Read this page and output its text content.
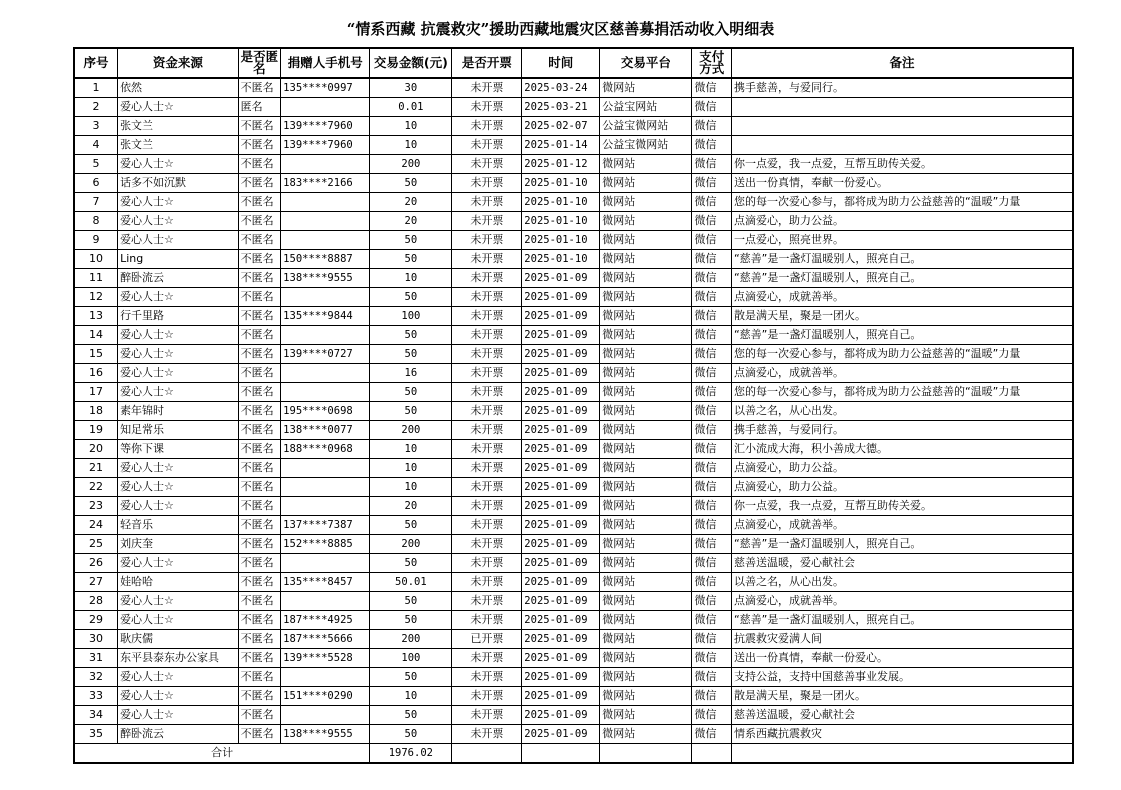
“情系西藏 抗震救灾”援助西藏地震灾区慈善募捐活动收入明细表
序号	资金来源	是否匿名	捐赠人手机号	交易金额(元)	是否开票	时间	交易平台	支付方式	备注
1	依然	不匿名	135****0997	30	未开票	2025-03-24	微网站	微信	携手慈善，与爱同行。
2	爱心人士☆	匿名		0.01	未开票	2025-03-21	公益宝网站	微信	
3	张文兰	不匿名	139****7960	10	未开票	2025-02-07	公益宝微网站	微信	
4	张文兰	不匿名	139****7960	10	未开票	2025-01-14	公益宝微网站	微信	
5	爱心人士☆	不匿名		200	未开票	2025-01-12	微网站	微信	你一点爱，我一点爱，互帮互助传关爱。
6	话多不如沉默	不匿名	183****2166	50	未开票	2025-01-10	微网站	微信	送出一份真情，奉献一份爱心。
7	爱心人士☆	不匿名		20	未开票	2025-01-10	微网站	微信	您的每一次爱心参与，都将成为助力公益慈善的“温暖”力量
8	爱心人士☆	不匿名		20	未开票	2025-01-10	微网站	微信	点滴爱心，助力公益。
9	爱心人士☆	不匿名		50	未开票	2025-01-10	微网站	微信	一点爱心，照亮世界。
10	Ling	不匿名	150****8887	50	未开票	2025-01-10	微网站	微信	“慈善”是一盏灯温暖别人，照亮自己。
11	醉卧流云	不匿名	138****9555	10	未开票	2025-01-09	微网站	微信	“慈善”是一盏灯温暖别人，照亮自己。
12	爱心人士☆	不匿名		50	未开票	2025-01-09	微网站	微信	点滴爱心，成就善举。
13	行千里路	不匿名	135****9844	100	未开票	2025-01-09	微网站	微信	散是满天星，聚是一团火。
14	爱心人士☆	不匿名		50	未开票	2025-01-09	微网站	微信	“慈善”是一盏灯温暖别人，照亮自己。
15	爱心人士☆	不匿名	139****0727	50	未开票	2025-01-09	微网站	微信	您的每一次爱心参与，都将成为助力公益慈善的“温暖”力量
16	爱心人士☆	不匿名		16	未开票	2025-01-09	微网站	微信	点滴爱心，成就善举。
17	爱心人士☆	不匿名		50	未开票	2025-01-09	微网站	微信	您的每一次爱心参与，都将成为助力公益慈善的“温暖”力量
18	素年锦时	不匿名	195****0698	50	未开票	2025-01-09	微网站	微信	以善之名，从心出发。
19	知足常乐	不匿名	138****0077	200	未开票	2025-01-09	微网站	微信	携手慈善，与爱同行。
20	等你下课	不匿名	188****0968	10	未开票	2025-01-09	微网站	微信	汇小流成大海，积小善成大德。
21	爱心人士☆	不匿名		10	未开票	2025-01-09	微网站	微信	点滴爱心，助力公益。
22	爱心人士☆	不匿名		10	未开票	2025-01-09	微网站	微信	点滴爱心，助力公益。
23	爱心人士☆	不匿名		20	未开票	2025-01-09	微网站	微信	你一点爱，我一点爱，互帮互助传关爱。
24	轻音乐	不匿名	137****7387	50	未开票	2025-01-09	微网站	微信	点滴爱心，成就善举。
25	刘庆奎	不匿名	152****8885	200	未开票	2025-01-09	微网站	微信	“慈善”是一盏灯温暖别人，照亮自己。
26	爱心人士☆	不匿名		50	未开票	2025-01-09	微网站	微信	慈善送温暖，爱心献社会
27	娃哈哈	不匿名	135****8457	50.01	未开票	2025-01-09	微网站	微信	以善之名，从心出发。
28	爱心人士☆	不匿名		50	未开票	2025-01-09	微网站	微信	点滴爱心，成就善举。
29	爱心人士☆	不匿名	187****4925	50	未开票	2025-01-09	微网站	微信	“慈善”是一盏灯温暖别人，照亮自己。
30	耿庆儒	不匿名	187****5666	200	已开票	2025-01-09	微网站	微信	抗震救灾爱满人间
31	东平县泰东办公家具	不匿名	139****5528	100	未开票	2025-01-09	微网站	微信	送出一份真情，奉献一份爱心。
32	爱心人士☆	不匿名		50	未开票	2025-01-09	微网站	微信	支持公益，支持中国慈善事业发展。
33	爱心人士☆	不匿名	151****0290	10	未开票	2025-01-09	微网站	微信	散是满天星，聚是一团火。
34	爱心人士☆	不匿名		50	未开票	2025-01-09	微网站	微信	慈善送温暖，爱心献社会
35	醉卧流云	不匿名	138****9555	50	未开票	2025-01-09	微网站	微信	情系西藏抗震救灾
合计				1976.02					
